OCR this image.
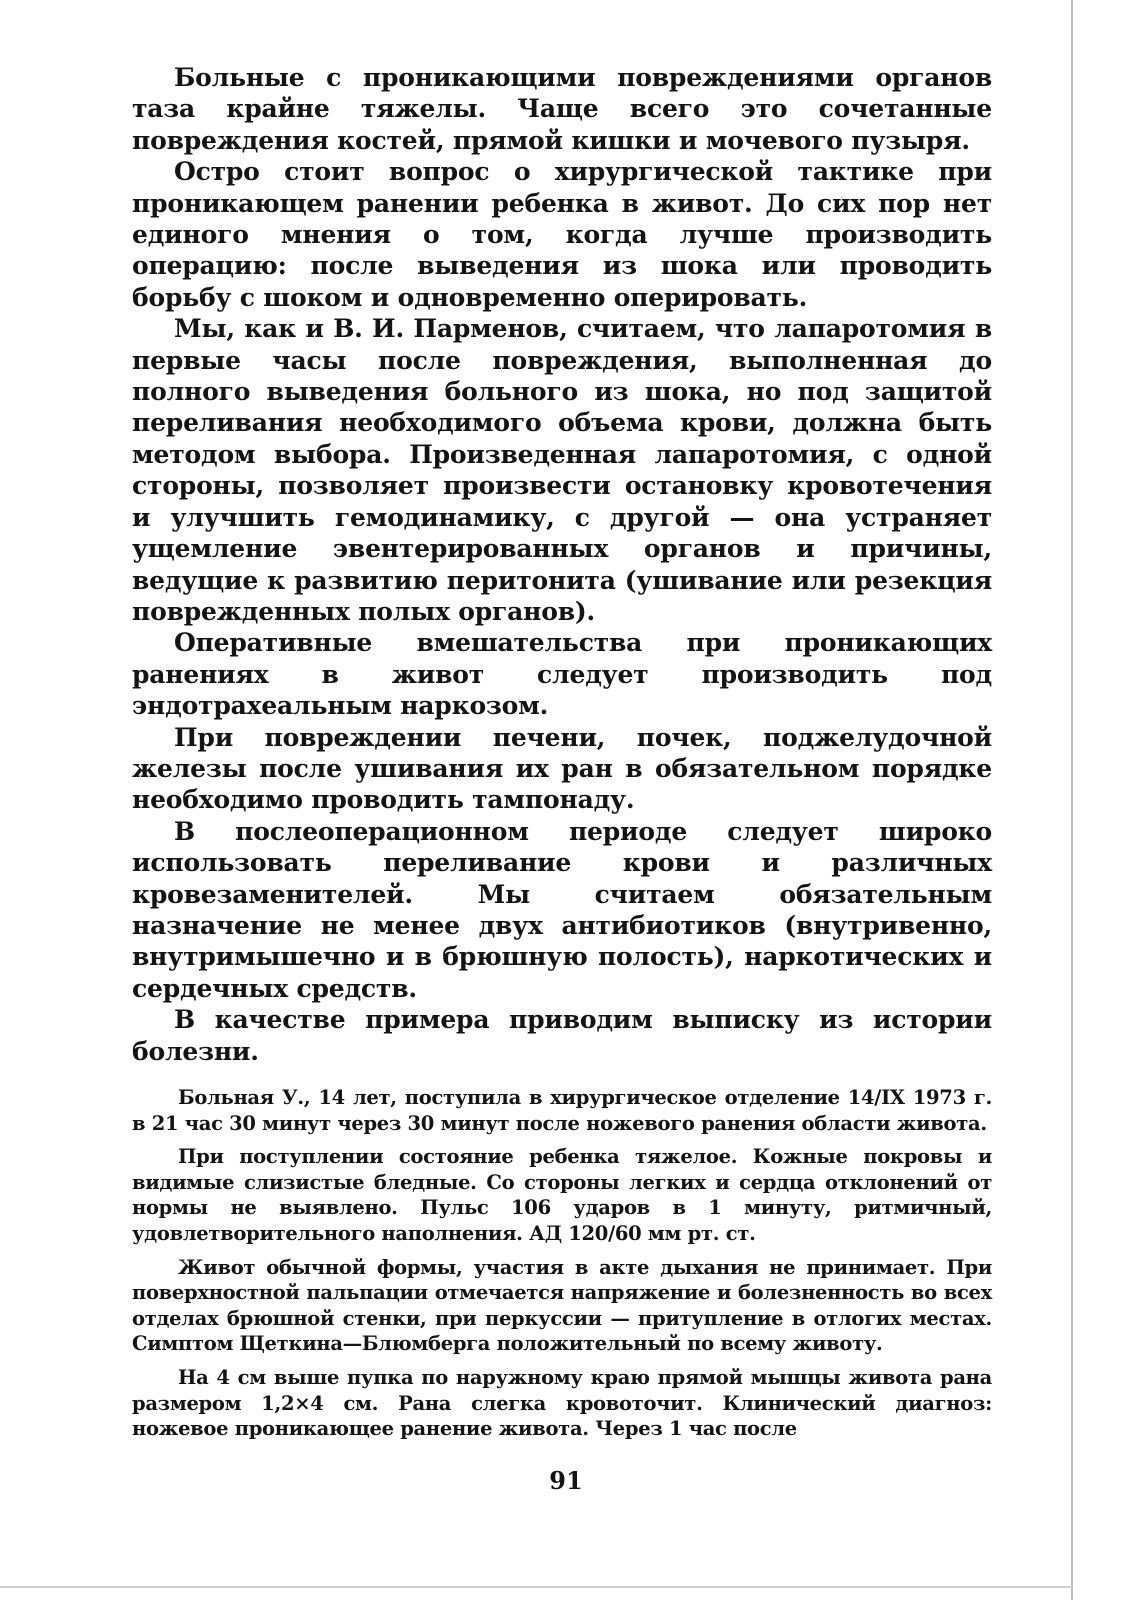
Больные с проникающими повреждениями органов таза крайне тяжелы. Чаще всего это сочетанные повреждения костей, прямой кишки и мочевого пузыря.

Остро стоит вопрос о хирургической тактике при проникающем ранении ребенка в живот. До сих пор нет единого мнения о том, когда лучше производить операцию: после выведения из шока или проводить борьбу с шоком и одновременно оперировать.

Мы, как и В. И. Парменов, считаем, что лапаротомия в первые часы после повреждения, выполненная до полного выведения больного из шока, но под защитой переливания необходимого объема крови, должна быть методом выбора. Произведенная лапаротомия, с одной стороны, позволяет произвести остановку кровотечения и улучшить гемодинамику, с другой — она устраняет ущемление эвентерированных органов и причины, ведущие к развитию перитонита (ушивание или резекция поврежденных полых органов).

Оперативные вмешательства при проникающих ранениях в живот следует производить под эндотрахеальным наркозом.

При повреждении печени, почек, поджелудочной железы после ушивания их ран в обязательном порядке необходимо проводить тампонаду.

В послеоперационном периоде следует широко использовать переливание крови и различных кровезаменителей. Мы считаем обязательным назначение не менее двух антибиотиков (внутривенно, внутримышечно и в брюшную полость), наркотических и сердечных средств.

В качестве примера приводим выписку из истории болезни.

Больная У., 14 лет, поступила в хирургическое отделение 14/IX 1973 г. в 21 час 30 минут через 30 минут после ножевого ранения области живота.

При поступлении состояние ребенка тяжелое. Кожные покровы и видимые слизистые бледные. Со стороны легких и сердца отклонений от нормы не выявлено. Пульс 106 ударов в 1 минуту, ритмичный, удовлетворительного наполнения. АД 120/60 мм рт. ст.

Живот обычной формы, участия в акте дыхания не принимает. При поверхностной пальпации отмечается напряжение и болезненность во всех отделах брюшной стенки, при перкуссии — притупление в отлогих местах. Симптом Щеткина—Блюмберга положительный по всему животу.

На 4 см выше пупка по наружному краю прямой мышцы живота рана размером 1,2×4 см. Рана слегка кровоточит. Клинический диагноз: ножевое проникающее ранение живота. Через 1 час после

91
